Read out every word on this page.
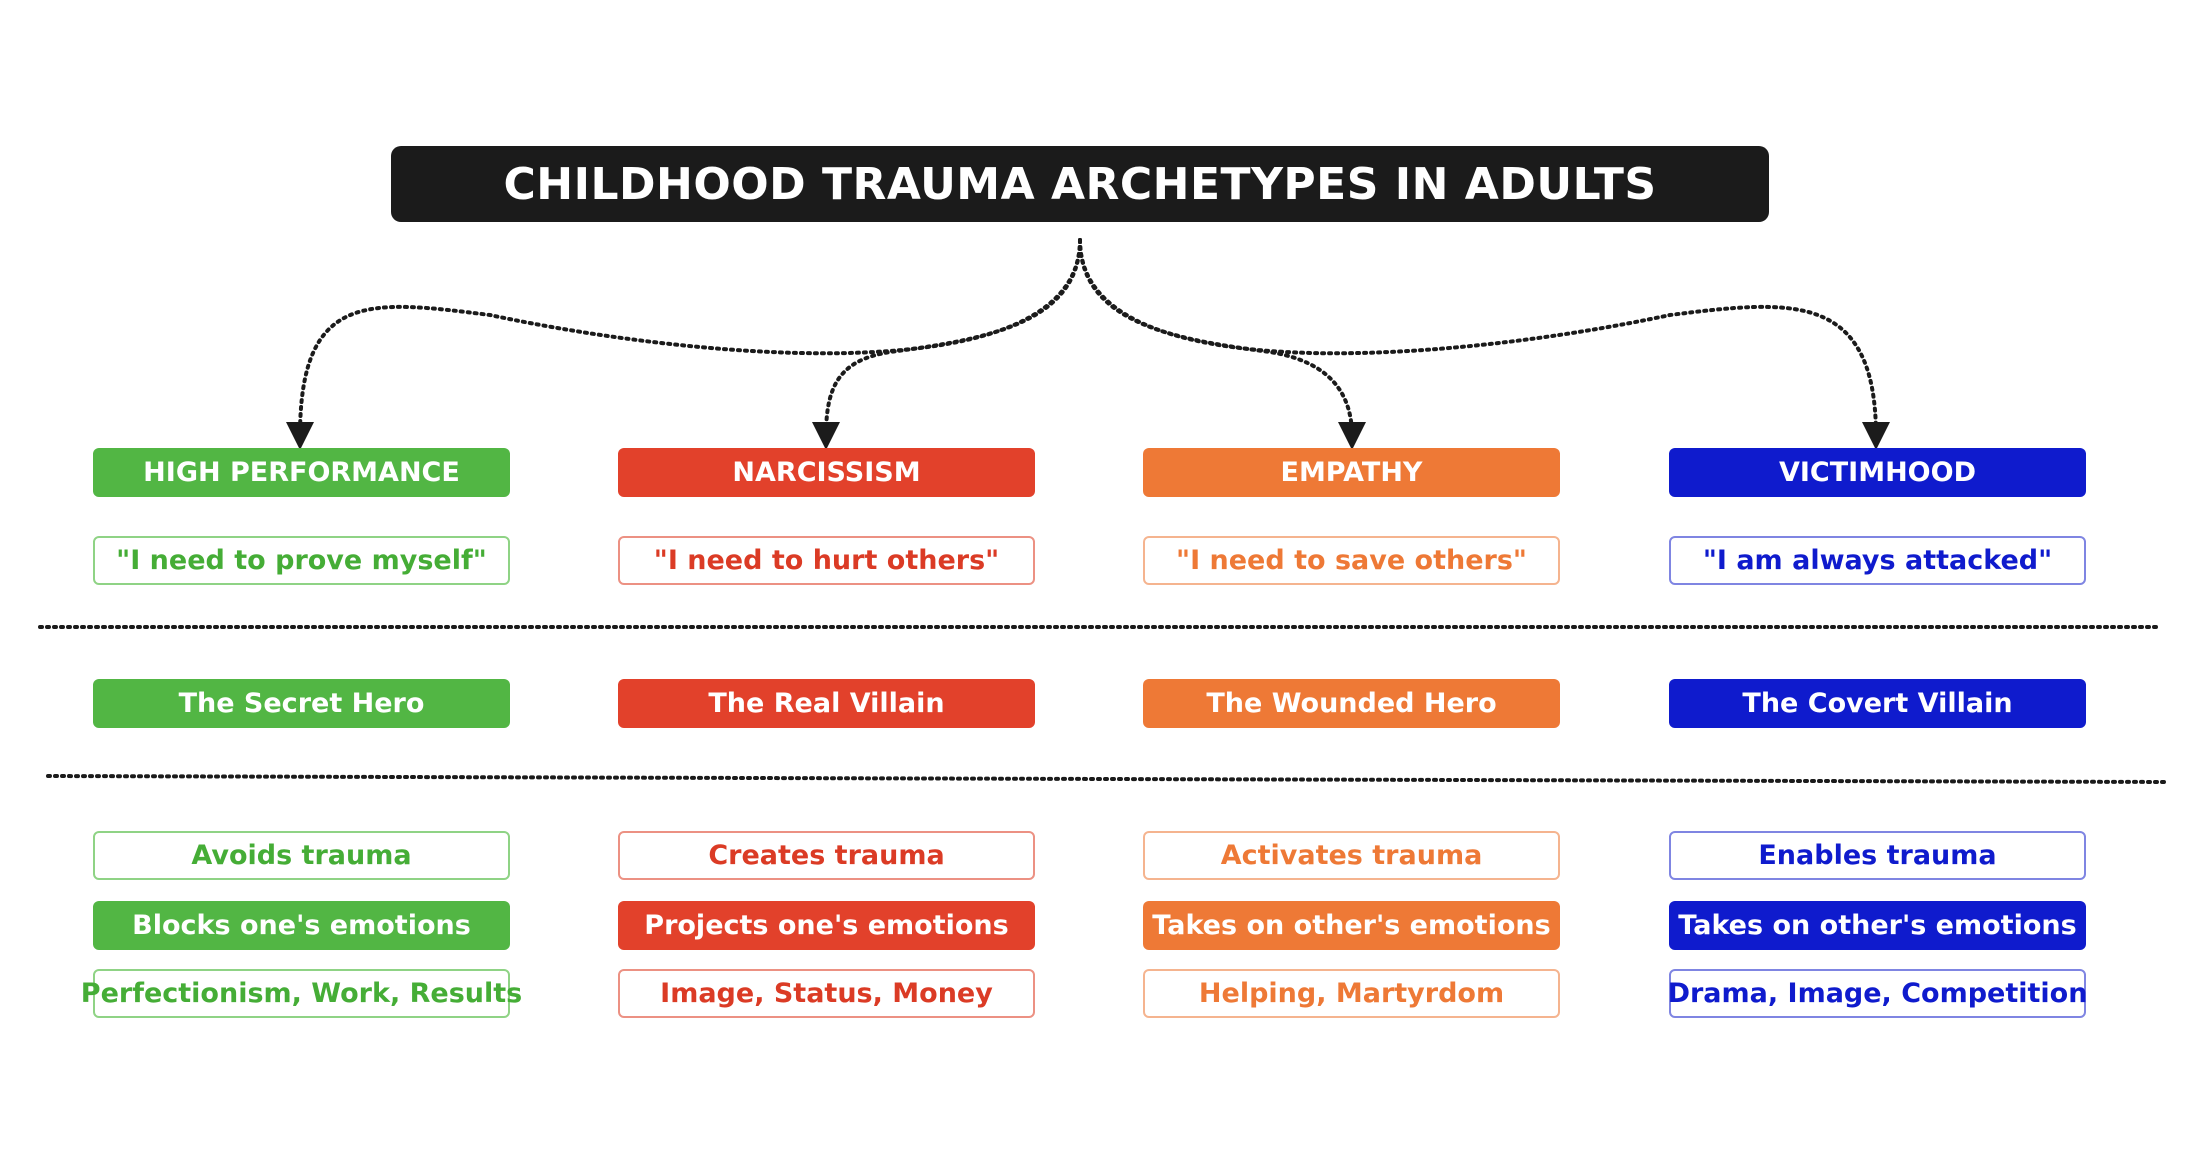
CHILDHOOD TRAUMA ARCHETYPES IN ADULTS
HIGH PERFORMANCE	NARCISSISM	EMPATHY	VICTIMHOOD
"I need to prove myself"	"I need to hurt others"	"I need to save others"	"I am always attacked"
The Secret Hero	The Real Villain	The Wounded Hero	The Covert Villain
Avoids trauma	Creates trauma	Activates trauma	Enables trauma
Blocks one's emotions	Projects one's emotions	Takes on other's emotions	Takes on other's emotions
Perfectionism, Work, Results	Image, Status, Money	Helping, Martyrdom	Drama, Image, Competition
